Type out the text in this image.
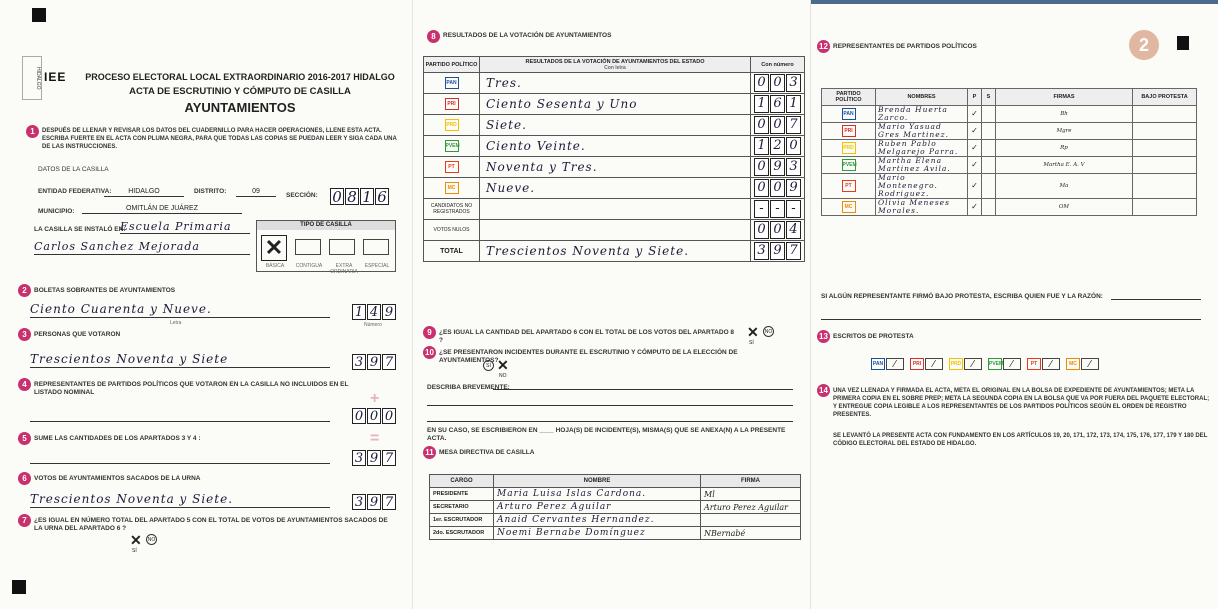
HIDALGO IEE	PROCESO ELECTORAL LOCAL EXTRAORDINARIO 2016-2017 HIDALGO
ACTA DE ESCRUTINIO Y CÓMPUTO DE CASILLA
AYUNTAMIENTOS
1	DESPUÉS DE LLENAR Y REVISAR LOS DATOS DEL CUADERNILLO PARA HACER OPERACIONES, LLENE ESTA ACTA. ESCRIBA FUERTE EN EL ACTA CON PLUMA NEGRA, PARA QUE TODAS LAS COPIAS SE PUEDAN LEER Y SIGA CADA UNA DE LAS INSTRUCCIONES.
DATOS DE LA CASILLA
ENTIDAD FEDERATIVA:	HIDALGO	DISTRITO:	09
SECCIÓN: 0 8 1 6
MUNICIPIO:	OMITLÁN DE JUÁREZ
LA CASILLA SE INSTALÓ EN:
Escuela Primaria
Carlos Sanchez Mejorada
TIPO DE CASILLA
✕
BÁSICA	CONTIGUA	EXTRA ORDINARIA
ESPECIAL
2	BOLETAS SOBRANTES DE AYUNTAMIENTOS
Ciento Cuarenta y Nueve.
Letra
1 4 9
Número
3	PERSONAS QUE VOTARON
Trescientos Noventa y Siete	3 9 7
4	REPRESENTANTES DE PARTIDOS POLÍTICOS QUE VOTARON EN LA CASILLA NO INCLUIDOS EN EL LISTADO NOMINAL	+
0 0 0
5	SUME LAS CANTIDADES DE LOS APARTADOS 3 Y 4 :	=
3 9 7
6	VOTOS DE AYUNTAMIENTOS SACADOS DE LA URNA
Trescientos Noventa y Siete.	3 9 7
7	¿ES IGUAL EN NÚMERO TOTAL DEL APARTADO 5 CON EL TOTAL DE VOTOS DE AYUNTAMIENTOS SACADOS DE LA URNA DEL APARTADO 6 ?
✕
SÍ
NO
8	RESULTADOS DE LA VOTACIÓN DE AYUNTAMIENTOS
PARTIDO POLÍTICO	RESULTADOS DE LA VOTACIÓN DE AYUNTAMIENTOS DEL ESTADO
Con letra	Con número
PAN	Tres.	0 0 3

PRI	Ciento Sesenta y Uno	1 6 1

PRD	Siete.	0 0 7

PVEM	Ciento Veinte.	1 2 0

PT	Noventa y Tres.	0 9 3

MC	Nueve.	0 0 9

CANDIDATOS NO REGISTRADOS		- - -

VOTOS NULOS		0 0 4

TOTAL	Trescientos Noventa y Siete.	3 9 7
9	¿ES IGUAL LA CANTIDAD DEL APARTADO 6 CON EL TOTAL DE LOS VOTOS DEL APARTADO 8 ?
✕
SÍ
NO
10 ¿SE PRESENTARON INCIDENTES DURANTE EL ESCRUTINIO Y CÓMPUTO DE LA ELECCIÓN DE AYUNTAMIENTOS?
SÍ ✕
NO
DESCRIBA BREVEMENTE:
EN SU CASO, SE ESCRIBIERON EN ____ HOJA(S) DE INCIDENTE(S), MISMA(S) QUE SE ANEXA(N) A LA PRESENTE ACTA.
11 MESA DIRECTIVA DE CASILLA
CARGO	NOMBRE	FIRMA
PRESIDENTE	Maria Luisa Islas Cardona.	Ml
SECRETARIO	Arturo Perez Aguilar	Arturo Perez Aguilar
1er. ESCRUTADOR	Anaid Cervantes Hernandez.	
2do. ESCRUTADOR	Noemi Bernabe Domínguez	NBernabé
2
12 REPRESENTANTES DE PARTIDOS POLÍTICOS
PARTIDO POLÍTICO	NOMBRES	P	S	FIRMAS	BAJO PROTESTA
PAN	Brenda Huerta
Zarco.	✓		Bh	
PRI	Mario Yasuad
Gres Martinez.	✓		Mgre	
PRD	Ruben Pablo
Melgarejo Parra.	✓		Rp	
PVEM	Martha Elena
Martinez Avila.	✓		Martha E. A. V	
PT	Mario Montenegro.
Rodriguez.	✓		Ma	
MC	Olivia Meneses
Morales.	✓		OM	
SI ALGÚN REPRESENTANTE FIRMÓ BAJO PROTESTA, ESCRIBA QUIEN FUE Y LA RAZÓN:
13 ESCRITOS DE PROTESTA
PAN	⁄	PRI	⁄	PRD	⁄	PVEM ⁄	PT	⁄	MC	⁄
14 UNA VEZ LLENADA Y FIRMADA EL ACTA, META EL ORIGINAL EN LA BOLSA DE EXPEDIENTE DE AYUNTAMIENTOS; META LA PRIMERA COPIA EN EL SOBRE PREP; META LA SEGUNDA COPIA EN LA BOLSA QUE VA POR FUERA DEL PAQUETE ELECTORAL; Y ENTREGUE COPIA LEGIBLE A LOS REPRESENTANTES DE LOS PARTIDOS POLÍTICOS SEGÚN EL ORDEN DE REGISTRO PRESENTES.
SE LEVANTÓ LA PRESENTE ACTA CON FUNDAMENTO EN LOS ARTÍCULOS 19, 20, 171, 172, 173, 174, 175, 176, 177, 179 Y 180 DEL CÓDIGO ELECTORAL DEL ESTADO DE HIDALGO.
